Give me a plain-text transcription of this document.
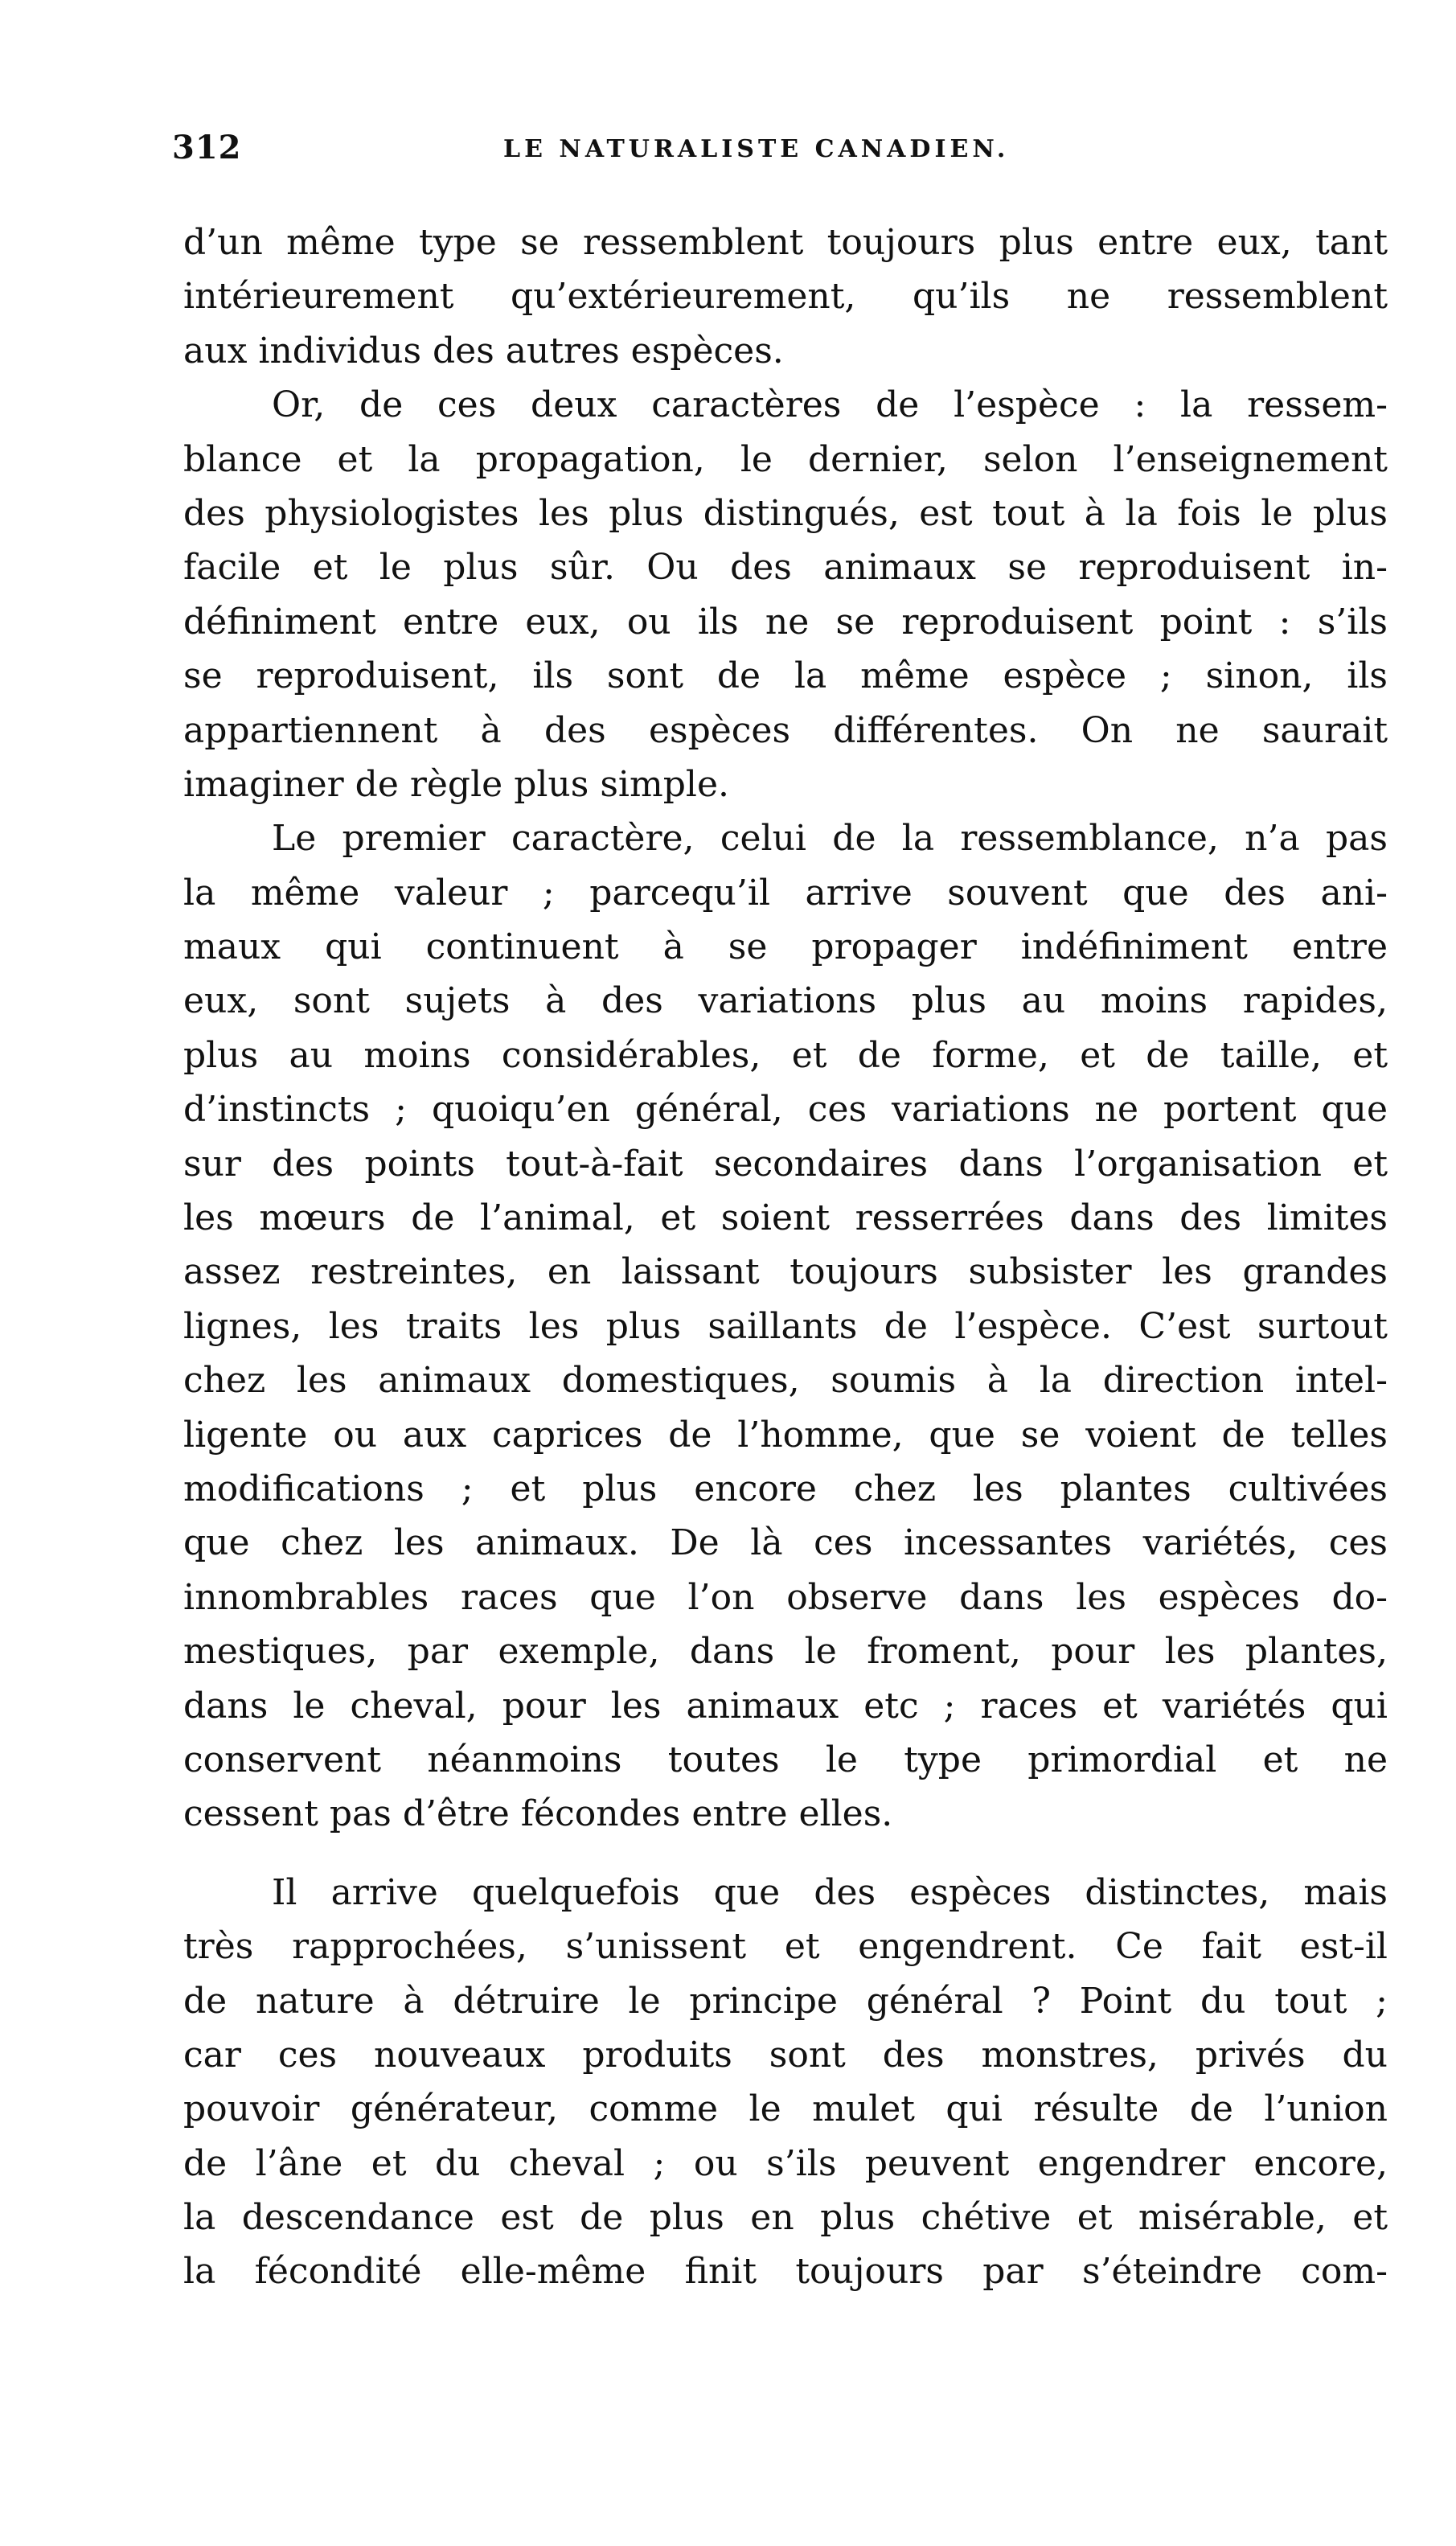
312	LE NATURALISTE CANADIEN.
d’un même type se ressemblent toujours plus entre eux, tant
intérieurement qu’extérieurement, qu’ils ne ressemblent
aux individus des autres espèces.
Or, de ces deux caractères de l’espèce : la ressem-
blance et la propagation, le dernier, selon l’enseignement
des physiologistes les plus distingués, est tout à la fois le plus
facile et le plus sûr. Ou des animaux se reproduisent in-
définiment entre eux, ou ils ne se reproduisent point : s’ils
se reproduisent, ils sont de la même espèce ; sinon, ils
appartiennent à des espèces différentes. On ne saurait
imaginer de règle plus simple.
Le premier caractère, celui de la ressemblance, n’a pas
la même valeur ; parcequ’il arrive souvent que des ani-
maux qui continuent à se propager indéfiniment entre
eux, sont sujets à des variations plus au moins rapides,
plus au moins considérables, et de forme, et de taille, et
d’instincts ; quoiqu’en général, ces variations ne portent que
sur des points tout-à-fait secondaires dans l’organisation et
les mœurs de l’animal, et soient resserrées dans des limites
assez restreintes, en laissant toujours subsister les grandes
lignes, les traits les plus saillants de l’espèce. C’est surtout
chez les animaux domestiques, soumis à la direction intel-
ligente ou aux caprices de l’homme, que se voient de telles
modifications ; et plus encore chez les plantes cultivées
que chez les animaux. De là ces incessantes variétés, ces
innombrables races que l’on observe dans les espèces do-
mestiques, par exemple, dans le froment, pour les plantes,
dans le cheval, pour les animaux etc ; races et variétés qui
conservent néanmoins toutes le type primordial et ne
cessent pas d’être fécondes entre elles.
Il arrive quelquefois que des espèces distinctes, mais
très rapprochées, s’unissent et engendrent. Ce fait est-il
de nature à détruire le principe général ? Point du tout ;
car ces nouveaux produits sont des monstres, privés du
pouvoir générateur, comme le mulet qui résulte de l’union
de l’âne et du cheval ; ou s’ils peuvent engendrer encore,
la descendance est de plus en plus chétive et misérable, et
la fécondité elle-même finit toujours par s’éteindre com-
